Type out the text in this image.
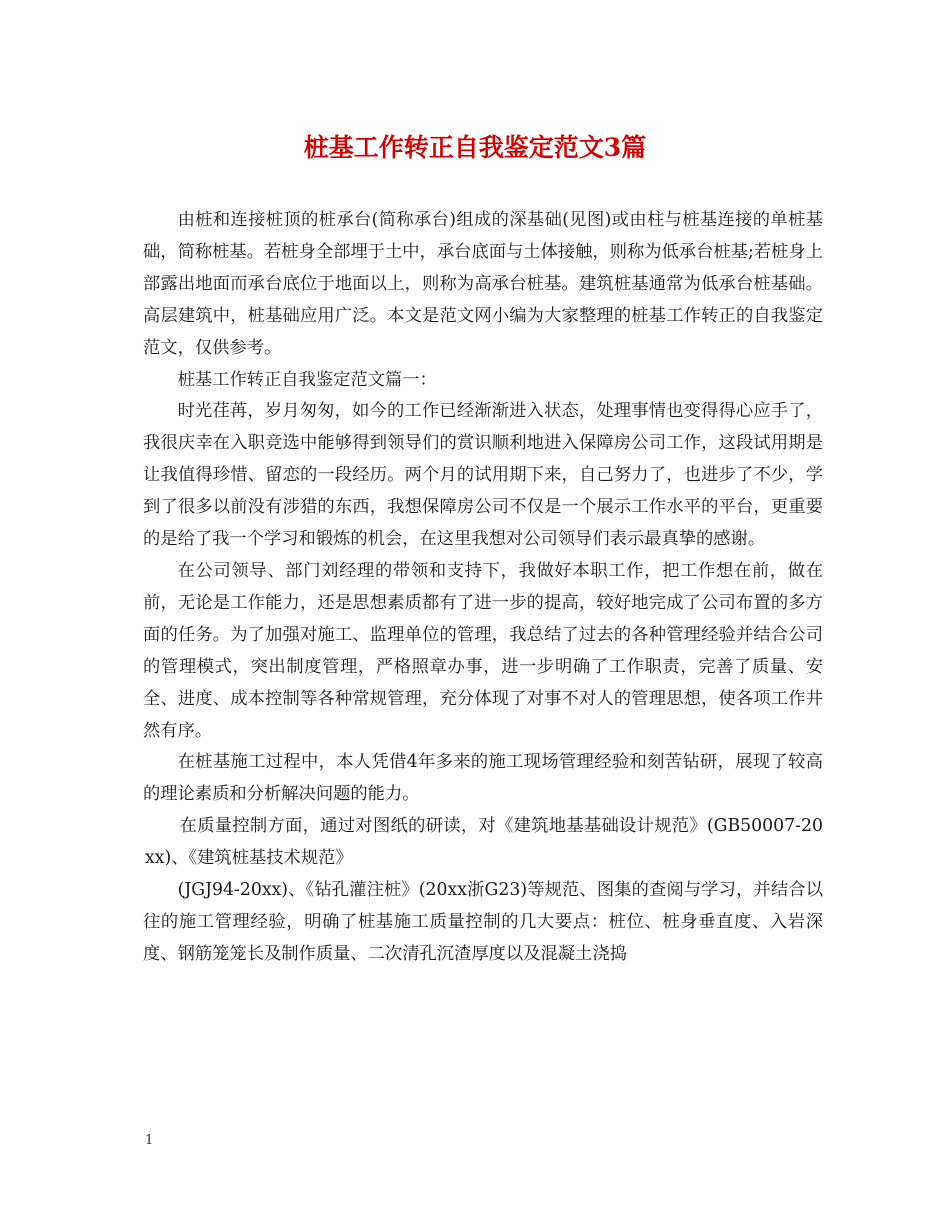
桩基工作转正自我鉴定范文3篇

由桩和连接桩顶的桩承台(简称承台)组成的深基础(见图)或由柱与桩基连接的单桩基础，简称桩基。若桩身全部埋于土中，承台底面与土体接触，则称为低承台桩基;若桩身上部露出地面而承台底位于地面以上，则称为高承台桩基。建筑桩基通常为低承台桩基础。高层建筑中，桩基础应用广泛。本文是范文网小编为大家整理的桩基工作转正的自我鉴定范文，仅供参考。

桩基工作转正自我鉴定范文篇一：

时光荏苒，岁月匆匆，如今的工作已经渐渐进入状态，处理事情也变得得心应手了，我很庆幸在入职竞选中能够得到领导们的赏识顺利地进入保障房公司工作，这段试用期是让我值得珍惜、留恋的一段经历。两个月的试用期下来，自己努力了，也进步了不少，学到了很多以前没有涉猎的东西，我想保障房公司不仅是一个展示工作水平的平台，更重要的是给了我一个学习和锻炼的机会，在这里我想对公司领导们表示最真挚的感谢。

在公司领导、部门刘经理的带领和支持下，我做好本职工作，把工作想在前，做在前，无论是工作能力，还是思想素质都有了进一步的提高，较好地完成了公司布置的多方面的任务。为了加强对施工、监理单位的管理，我总结了过去的各种管理经验并结合公司的管理模式，突出制度管理，严格照章办事，进一步明确了工作职责，完善了质量、安全、进度、成本控制等各种常规管理，充分体现了对事不对人的管理思想，使各项工作井然有序。

在桩基施工过程中，本人凭借4年多来的施工现场管理经验和刻苦钻研，展现了较高的理论素质和分析解决问题的能力。

在质量控制方面，通过对图纸的研读，对《建筑地基基础设计规范》(GB50007-20xx)、《建筑桩基技术规范》

(JGJ94-20xx)、《钻孔灌注桩》(20xx浙G23)等规范、图集的查阅与学习，并结合以往的施工管理经验，明确了桩基施工质量控制的几大要点：桩位、桩身垂直度、入岩深度、钢筋笼笼长及制作质量、二次清孔沉渣厚度以及混凝土浇捣

1
